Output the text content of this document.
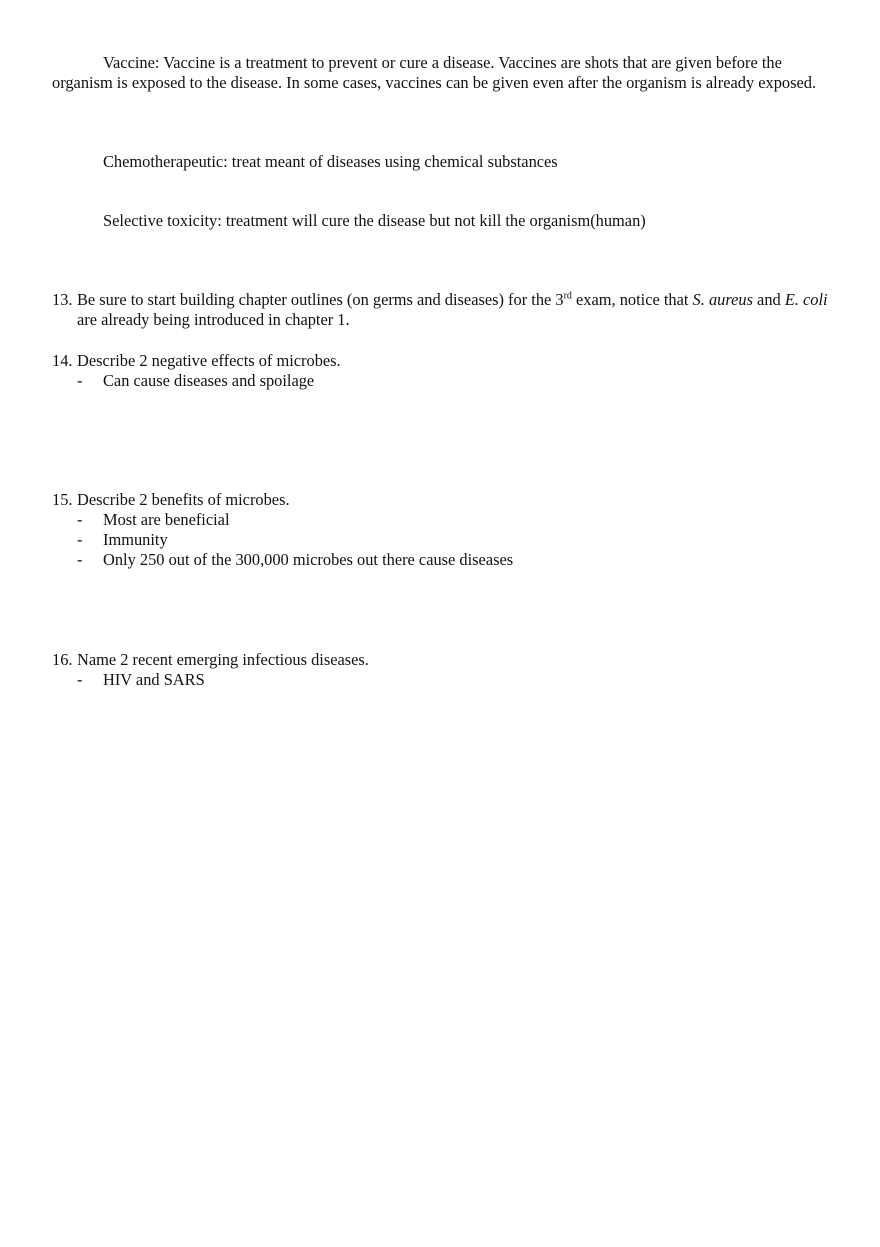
Vaccine: Vaccine is a treatment to prevent or cure a disease. Vaccines are shots that are given before the organism is exposed to the disease. In some cases, vaccines can be given even after the organism is already exposed.

Chemotherapeutic: treat meant of diseases using chemical substances

Selective toxicity: treatment will cure the disease but not kill the organism(human)

13. Be sure to start building chapter outlines (on germs and diseases) for the 3rd exam, notice that S. aureus and E. coli are already being introduced in chapter 1.
14. Describe 2 negative effects of microbes.
- Can cause diseases and spoilage
15. Describe 2 benefits of microbes.
- Most are beneficial
- Immunity
- Only 250 out of the 300,000 microbes out there cause diseases
16. Name 2 recent emerging infectious diseases.
- HIV and SARS
